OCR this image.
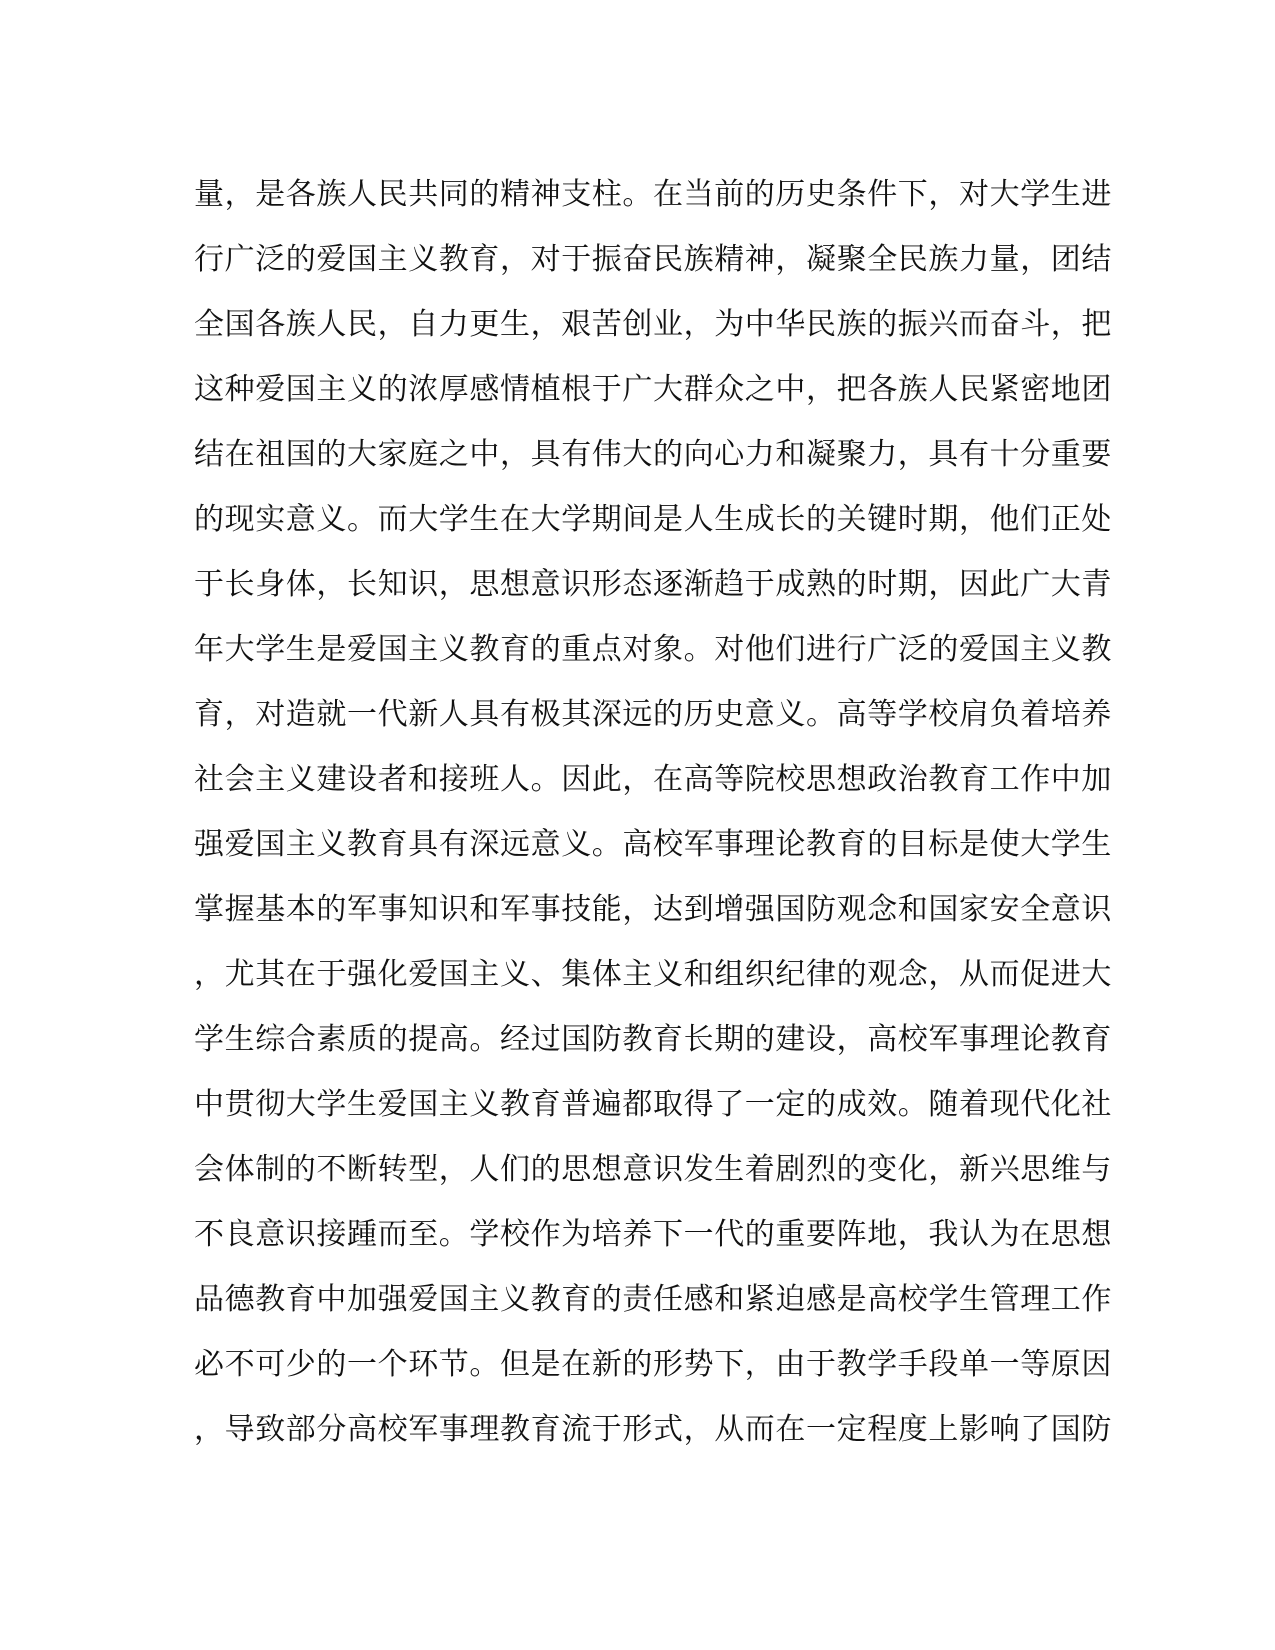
量，是各族人民共同的精神支柱。在当前的历史条件下，对大学生进
行广泛的爱国主义教育，对于振奋民族精神，凝聚全民族力量，团结
全国各族人民，自力更生，艰苦创业，为中华民族的振兴而奋斗，把
这种爱国主义的浓厚感情植根于广大群众之中，把各族人民紧密地团
结在祖国的大家庭之中，具有伟大的向心力和凝聚力，具有十分重要
的现实意义。而大学生在大学期间是人生成长的关键时期，他们正处
于长身体，长知识，思想意识形态逐渐趋于成熟的时期，因此广大青
年大学生是爱国主义教育的重点对象。对他们进行广泛的爱国主义教
育，对造就一代新人具有极其深远的历史意义。高等学校肩负着培养
社会主义建设者和接班人。因此，在高等院校思想政治教育工作中加
强爱国主义教育具有深远意义。高校军事理论教育的目标是使大学生
掌握基本的军事知识和军事技能，达到增强国防观念和国家安全意识
，尤其在于强化爱国主义、集体主义和组织纪律的观念，从而促进大
学生综合素质的提高。经过国防教育长期的建设，高校军事理论教育
中贯彻大学生爱国主义教育普遍都取得了一定的成效。随着现代化社
会体制的不断转型，人们的思想意识发生着剧烈的变化，新兴思维与
不良意识接踵而至。学校作为培养下一代的重要阵地，我认为在思想
品德教育中加强爱国主义教育的责任感和紧迫感是高校学生管理工作
必不可少的一个环节。但是在新的形势下，由于教学手段单一等原因
，导致部分高校军事理教育流于形式，从而在一定程度上影响了国防
